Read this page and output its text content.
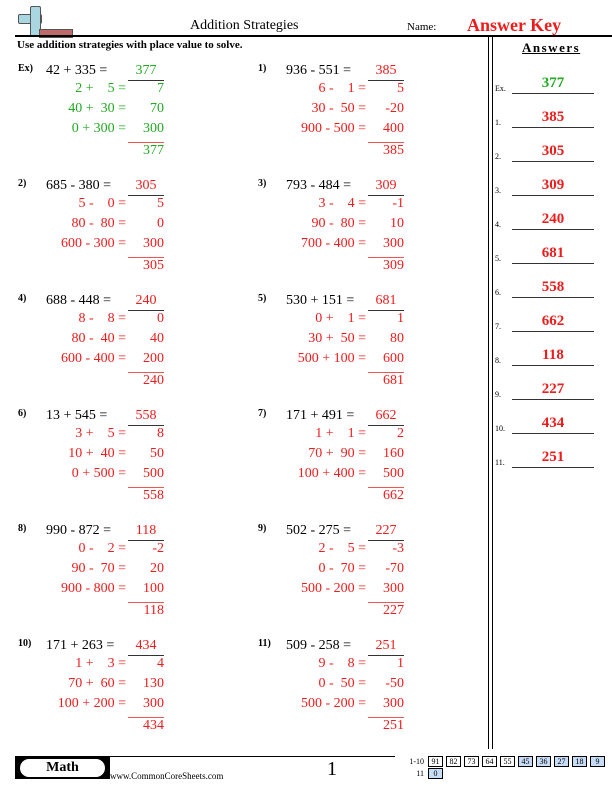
Addition Strategies	Name: Answer Key
Use addition strategies with place value to solve.	Answers
Ex.	377
1.	385
2.	305
3.	309
4.	240
5.	681
6.	558
7.	662
8.	118
9.	227
10.	434
11.	251
Ex) 42 + 335 =	377
2 +    5 =	7
40 +  30 =	70
0 + 300 =	300
377
1) 936 - 551 =	385
6 -    1 =	5
30 -  50 =	-20
900 - 500 =	400
385
2) 685 - 380 =	305
5 -    0 =	5
80 -  80 =	0
600 - 300 =	300
305
3) 793 - 484 =	309
3 -    4 =	-1
90 -  80 =	10
700 - 400 =	300
309
4) 688 - 448 =	240
8 -    8 =	0
80 -  40 =	40
600 - 400 =	200
240
5) 530 + 151 =	681
0 +    1 =	1
30 +  50 =	80
500 + 100 =	600
681
6) 13 + 545 =	558
3 +    5 =	8
10 +  40 =	50
0 + 500 =	500
558
7) 171 + 491 =	662
1 +    1 =	2
70 +  90 =	160
100 + 400 =	500
662
8) 990 - 872 =	118
0 -    2 =	-2
90 -  70 =	20
900 - 800 =	100
118
9) 502 - 275 =	227
2 -    5 =	-3
0 -  70 =	-70
500 - 200 =	300
227
10) 171 + 263 =	434
1 +    3 =	4
70 +  60 =	130
100 + 200 =	300
434
11) 509 - 258 =	251
9 -    8 =	1
0 -  50 =	-50
500 - 200 =	300
251
Math
www.CommonCoreSheets.com	1	1-10 91	82	73	64	55	45	36	27	18	9
11	0
